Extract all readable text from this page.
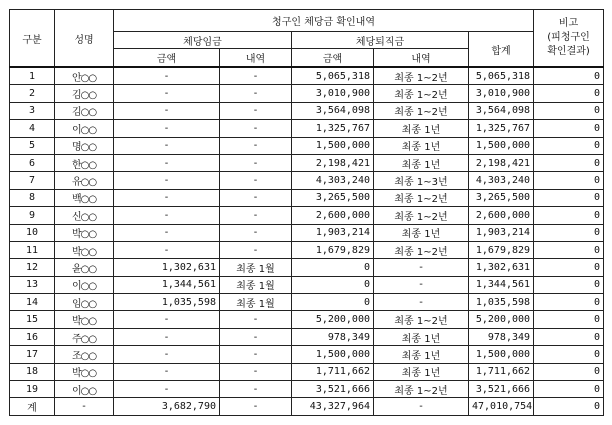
구분	성명	청구인 체당금 확인내역					비고
(피청구인
확인결과)
		체당임금		체당퇴직금		합계	
		금액	내역	금액	내역		
1	안○○	-	-	5,065,318	최종 1~2년	5,065,318	0
2	김○○	-	-	3,010,900	최종 1~2년	3,010,900	0
3	김○○	-	-	3,564,098	최종 1~2년	3,564,098	0
4	이○○	-	-	1,325,767	최종 1년	1,325,767	0
5	명○○	-	-	1,500,000	최종 1년	1,500,000	0
6	한○○	-	-	2,198,421	최종 1년	2,198,421	0
7	유○○	-	-	4,303,240	최종 1~3년	4,303,240	0
8	백○○	-	-	3,265,500	최종 1~2년	3,265,500	0
9	신○○	-	-	2,600,000	최종 1~2년	2,600,000	0
10	박○○	-	-	1,903,214	최종 1년	1,903,214	0
11	박○○	-	-	1,679,829	최종 1~2년	1,679,829	0
12	윤○○	1,302,631	최종 1월	0	-	1,302,631	0
13	이○○	1,344,561	최종 1월	0	-	1,344,561	0
14	임○○	1,035,598	최종 1월	0	-	1,035,598	0
15	박○○	-	-	5,200,000	최종 1~2년	5,200,000	0
16	주○○	-	-	978,349	최종 1년	978,349	0
17	조○○	-	-	1,500,000	최종 1년	1,500,000	0
18	박○○	-	-	1,711,662	최종 1년	1,711,662	0
19	이○○	-	-	3,521,666	최종 1~2년	3,521,666	0
계	-	3,682,790	-	43,327,964	-	47,010,754	0
